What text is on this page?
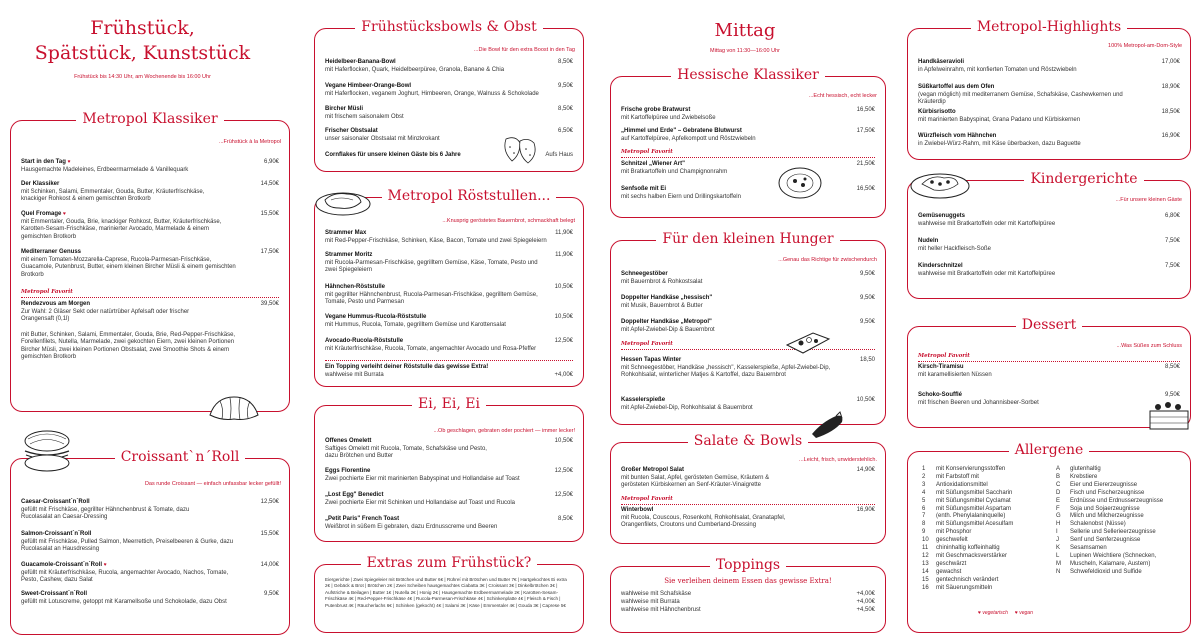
Frühstück,
Spätstück, Kunststück
Frühstück bis 14:30 Uhr, am Wochenende bis 16:00 Uhr
Metropol Klassiker
...Frühstück à la Metropol
Start in den Tag ♥
Hausgemachte Madeleines, Erdbeermarmelade & Vanillequark
6,90€
Der Klassiker
mit Schinken, Salami, Emmentaler, Gouda, Butter, Kräuterfrischkäse, knackiger Rohkost & einem gemischten Brotkorb
14,50€
Quel Fromage ♥
mit Emmentaler, Gouda, Brie, knackiger Rohkost, Butter, Kräuterfrischkäse, Karotten-Sesam-Frischkäse, marinierter Avocado, Marmelade & einem gemischten Brotkorb
15,50€
Mediterraner Genuss
mit einem Tomaten-Mozzarella-Caprese, Rucola-Parmesan-Frischkäse, Guacamole, Putenbrust, Butter, einem kleinen Bircher Müsli & einem gemischten Brotkorb
17,50€
Metropol Favorit
Rendezvous am Morgen
Zur Wahl: 2 Gläser Sekt oder natürtrüber Apfelsaft oder frischer Orangensaft (0,1l)
mit Butter, Schinken, Salami, Emmentaler, Gouda, Brie, Red-Pepper-Frischkäse, Forellenfilets, Nutella, Marmelade, zwei gekochten Eiern, zwei kleinen Portionen Bircher Müsli, zwei kleinen Portionen Obstsalat, zwei Smoothie Shots & einem gemischten Brotkorb
39,50€
Croissant`n´Roll
Das runde Croissant — einfach unfassbar lecker gefüllt!
Caesar-Croissant´n´Roll
gefüllt mit Frischkäse, gegrillter Hähnchenbrust & Tomate, dazu Rucolasalat an Caesar-Dressing
12,50€
Salmon-Croissant´n´Roll
gefüllt mit Frischkäse, Pulled Salmon, Meerrettich, Preiselbeeren & Gurke, dazu Rucolasalat an Hausdressing
15,50€
Guacamole-Croissant´n´Roll ♥
gefüllt mit Kräuterfrischkäse, Rucola, angemachter Avocado, Nachos, Tomate, Pesto, Cashew, dazu Salat
14,00€
Sweet-Croissant´n´Roll
gefüllt mit Lotuscreme, getoppt mit Karamellsoße und Schokolade, dazu Obst
9,50€
Frühstücksbowls & Obst
...Die Bowl für den extra Boost in den Tag
Heidelbeer-Banana-Bowl
mit Haferflocken, Quark, Heidelbeerpüree, Granola, Banane & Chia
8,50€
Vegane Himbeer-Orange-Bowl
mit Haferflocken, veganem Joghurt, Himbeeren, Orange, Walnuss & Schokolade
9,50€
Bircher Müsli
mit frischem saisonalem Obst
8,50€
Frischer Obstsalat
unser saisonaler Obstsalat mit Minzkrokant
6,50€
Cornflakes für unsere kleinen Gäste bis 6 Jahre	Aufs Haus
Metropol Röststullen...
...Knusprig geröstetes Bauernbrot, schmackhaft belegt
Strammer Max
mit Red-Pepper-Frischkäse, Schinken, Käse, Bacon, Tomate und zwei Spiegeleiern
11,90€
Strammer Moritz
mit Rucola-Parmesan-Frischkäse, gegrilltem Gemüse, Käse, Tomate, Pesto und zwei Spiegeleiern
11,90€
Hähnchen-Röststulle
mit gegrillter Hähnchenbrust, Rucola-Parmesan-Frischkäse, gegrilltem Gemüse, Tomate, Pesto und Parmesan
10,50€
Vegane Hummus-Rucola-Röststulle
mit Hummus, Rucola, Tomate, gegrilltem Gemüse und Karottensalat
10,50€
Avocado-Rucola-Röststulle
mit Kräuterfrischkäse, Rucola, Tomate, angemachter Avocado und Rosa-Pfeffer
12,50€
Ein Topping verleiht deiner Röststulle das gewisse Extra!
wahlweise mit Burrata	+4,00€
Ei, Ei, Ei
...Ob geschlagen, gebraten oder pochiert — immer lecker!
Offenes Omelett
Saftiges Omelett mit Rucola, Tomate, Schafskäse und Pesto, dazu Brötchen und Butter
10,50€
Eggs Florentine
Zwei pochierte Eier mit marinierten Babyspinat und Hollandaise auf Toast
12,50€
„Lost Egg" Benedict
Zwei pochierte Eier mit Schinken und Hollandaise auf Toast und Rucola
12,50€
„Petit Paris" French Toast
Weißbrot in süßem Ei gebraten, dazu Erdnusscreme und Beeren
8,50€
Extras zum Frühstück?
Eiergerichte | Zwei Spiegeleier mit Brötchen und Butter 6€ | Rühreí mit Brötchen und Butter 7€ | Hartgekochtes Ei extra 2€ | Gebäck & Brot | Brötchen 2€ | Zwei Scheiben hausgemachtes Ciabatta 3€ | Croissant 3€ | Dinkelbrötchen 3€ | Aufstriche & Beilagen | Butter 1€ | Nutella 2€ | Honig 2€ | Hausgemachte Erdbeermarmelade 2€ | Karotten-Sesam-Frischkäse 4€ | Red-Pepper-Frischkäse 4€ | Rucola-Parmesan-Frischkäse 4€ | Schinkenplatte 4€ | Fleisch & Fisch | Putenbrust 4€ | Räucherlachs 6€ | Schinken (gekocht) 4€ | Salami 3€ | Käse | Emmentaler 4€ | Gouda 3€ | Caprese 5€
Mittag
Mittag von 11:30—16:00 Uhr
Hessische Klassiker
...Echt hessisch, echt lecker
Frische grobe Bratwurst
mit Kartoffelpüree und Zwiebelsoße
16,50€
„Himmel und Erde" – Gebratene Blutwurst
auf Kartoffelpüree, Apfelkompott und Röstzwiebeln
17,50€
Metropol Favorit
Schnitzel „Wiener Art"
mit Bratkartoffeln und Champignonrahm
21,50€
Senfsoße mit Ei
mit sechs halben Eiern und Drillingskartoffeln
16,50€
Für den kleinen Hunger
...Genau das Richtige für zwischendurch
Schneegestöber
mit Bauernbrot & Rohkostsalat
9,50€
Doppelter Handkäse „hessisch"
mit Musik, Bauernbrot & Butter
9,50€
Doppelter Handkäse „Metropol"
mit Apfel-Zwiebel-Dip & Bauernbrot
9,50€
Metropol Favorit
Hessen Tapas Winter
mit Schneegestöber, Handkäse „hessisch", Kasselerspieße, Apfel-Zwiebel-Dip, Rohkohlsalat, winterlicher Matjes & Kartoffel, dazu Bauernbrot
18,50
Kasselerspieße
mit Apfel-Zwiebel-Dip, Rohkohlsalat & Bauernbrot
10,50€
Salate & Bowls
...Leicht, frisch, unwiderstehlich.
Großer Metropol Salat
mit bunten Salat, Apfel, gerösteten Gemüse, Kräutern & gerösteten Kürbiskernen an Senf-Kräuter-Vinaigrette
14,90€
Metropol Favorit
Winterbowl
mit Rucola, Couscous, Rosenkohl, Rohkohlsalat, Granatapfel, Orangenfilets, Croutons und Cumberland-Dressing
16,90€
Toppings
Sie verleihen deinem Essen das gewisse Extra!
wahlweise mit Schafskäse	+4,00€
wahlweise mit Burrata	+4,00€
wahlweise mit Hähnchenbrust	+4,50€
Metropol-Highlights
100% Metropol-am-Dom-Style
Handkäseravioli
in Apfelweinrahm, mit konfierten Tomaten und Röstzwiebeln
17,00€
Süßkartoffel aus dem Ofen
(vegan möglich) mit mediterranem Gemüse, Schafskäse, Cashewkernen und Kräuterdip
18,90€
Kürbisrisotto
mit marinierten Babyspinat, Grana Padano und Kürbiskernen
18,50€
Würzfleisch vom Hähnchen
in Zwiebel-Würz-Rahm, mit Käse überbacken, dazu Baguette
16,90€
Kindergerichte
...Für unsere kleinen Gäste
Gemüsenuggets
wahlweise mit Bratkartoffeln oder mit Kartoffelpüree
6,80€
Nudeln
mit heller Hackfleisch-Soße
7,50€
Kinderschnitzel
wahlweise mit Bratkartoffeln oder mit Kartoffelpüree
7,50€
Dessert
...Was Süßes zum Schluss
Metropol Favorit
Kirsch-Tiramisu
mit karamellisierten Nüssen
8,50€
Schoko-Soufflé
mit frischen Beeren und Johannisbeer-Sorbet
9,50€
Allergene
1 mit Konservierungsstoffen
2 mit Farbstoff mit
3 Antioxidationsmittel
4 mit Süßungsmittel Saccharin
5 mit Süßungsmittel Cyclamat
6 mit Süßungsmittel Aspartam
7 (enth. Phenylalaninquelle)
8 mit Süßungsmittel Acesulfam
9 mit Phosphor
10 geschwefelt
11 chininhaltig koffeinhaltig
12 mit Geschmacksverstärker
13 geschwärzt
14 gewachst
15 gentechnisch verändert
16 mit Säuerungsmitteln
A glutenhaltig
B Krebstiere
C Eier und Eiererzeugnisse
D Fisch und Fischerzeugnisse
E Erdnüsse und Erdnusserzeugnisse
F Soja und Sojaerzeugnisse
G Milch und Milcherzeugnisse
H Schalenobst (Nüsse)
I Sellerie und Sellerieerzeugnisse
J Senf und Senferzeugnisse
K Sesamsamen
L Lupinen Weichtiere (Schnecken,
M Muscheln, Kalamare, Austern)
N Schwefeldioxid und Sulfide
♥ vegetarisch ♥ vegan
